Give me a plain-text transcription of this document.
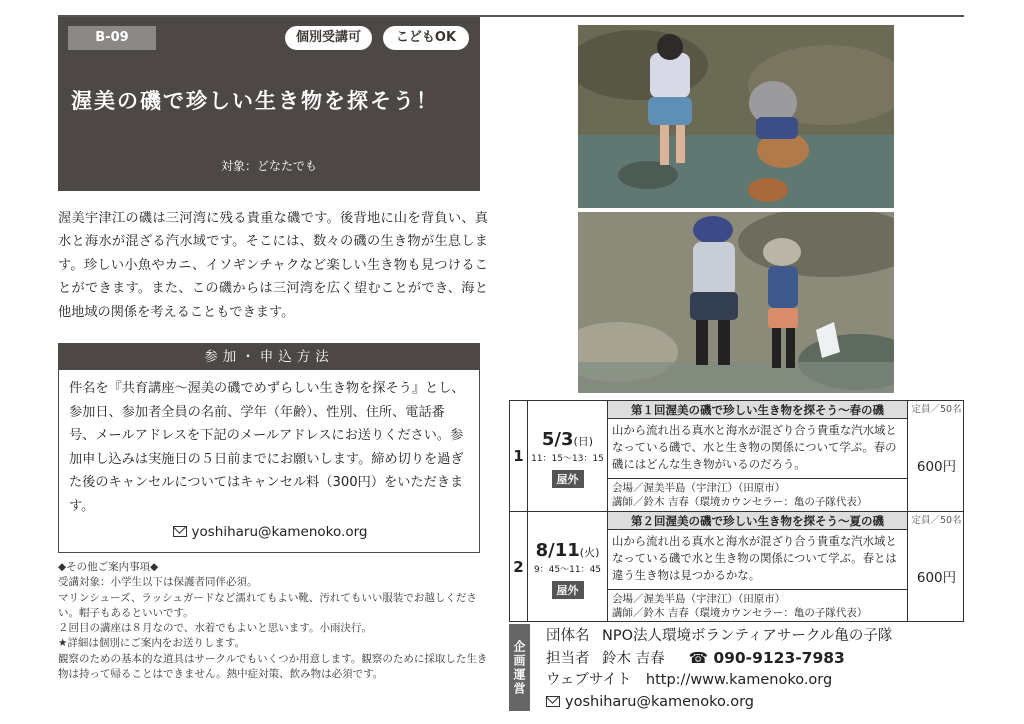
B-09	個別受講可	こどもOK
渥美の磯で珍しい生き物を探そう！
対象：どなたでも

渥美宇津江の磯は三河湾に残る貴重な磯です。後背地に山を背負い、真水と海水が混ざる汽水域です。そこには、数々の磯の生き物が生息します。珍しい小魚やカニ、イソギンチャクなど楽しい生き物も見つけることができます。また、この磯からは三河湾を広く望むことができ、海と他地域の関係を考えることもできます。

参加・申込方法

件名を『共育講座～渥美の磯でめずらしい生き物を探そう』とし、参加日、参加者全員の名前、学年（年齢）、性別、住所、電話番号、メールアドレスを下記のメールアドレスにお送りください。参加申し込みは実施日の５日前までにお願いします。締め切りを過ぎた後のキャンセルについてはキャンセル料（300円）をいただきます。

yoshiharu@kamenoko.org
◆その他ご案内事項◆
受講対象：小学生以下は保護者同伴必須。
マリンシューズ、ラッシュガードなど濡れてもよい靴、汚れてもいい服装でお越しください。帽子もあるといいです。
２回目の講座は８月なので、水着でもよいと思います。小雨決行。
★詳細は個別にご案内をお送りします。
観察のための基本的な道具はサークルでもいくつか用意します。観察のために採取した生き物は持って帰ることはできません。熱中症対策、飲み物は必須です。
1
5/3(日)
11：15～13：15
屋外
第１回渥美の磯で珍しい生き物を探そう～春の磯
山から流れ出る真水と海水が混ざり合う貴重な汽水域となっている磯で、水と生き物の関係について学ぶ。春の磯にはどんな生き物がいるのだろう。
会場／渥美半島（宇津江）（田原市）
講師／鈴木 吉春（環境カウンセラー：亀の子隊代表）
定員／50名
600円
2
8/11(火)
9：45～11：45
屋外
第２回渥美の磯で珍しい生き物を探そう～夏の磯
山から流れ出る真水と海水が混ざり合う貴重な汽水域となっている磯で水と生き物の関係について学ぶ。春とは違う生き物は見つかるかな。
会場／渥美半島（宇津江）（田原市）
講師／鈴木 吉春（環境カウンセラー：亀の子隊代表）
定員／50名
600円
企画運営
団体名 NPO法人環境ボランティアサークル亀の子隊
担当者 鈴木 吉春 ☎ 090-9123-7983
ウェブサイト　 http://www.kamenoko.org
yoshiharu@kamenoko.org
